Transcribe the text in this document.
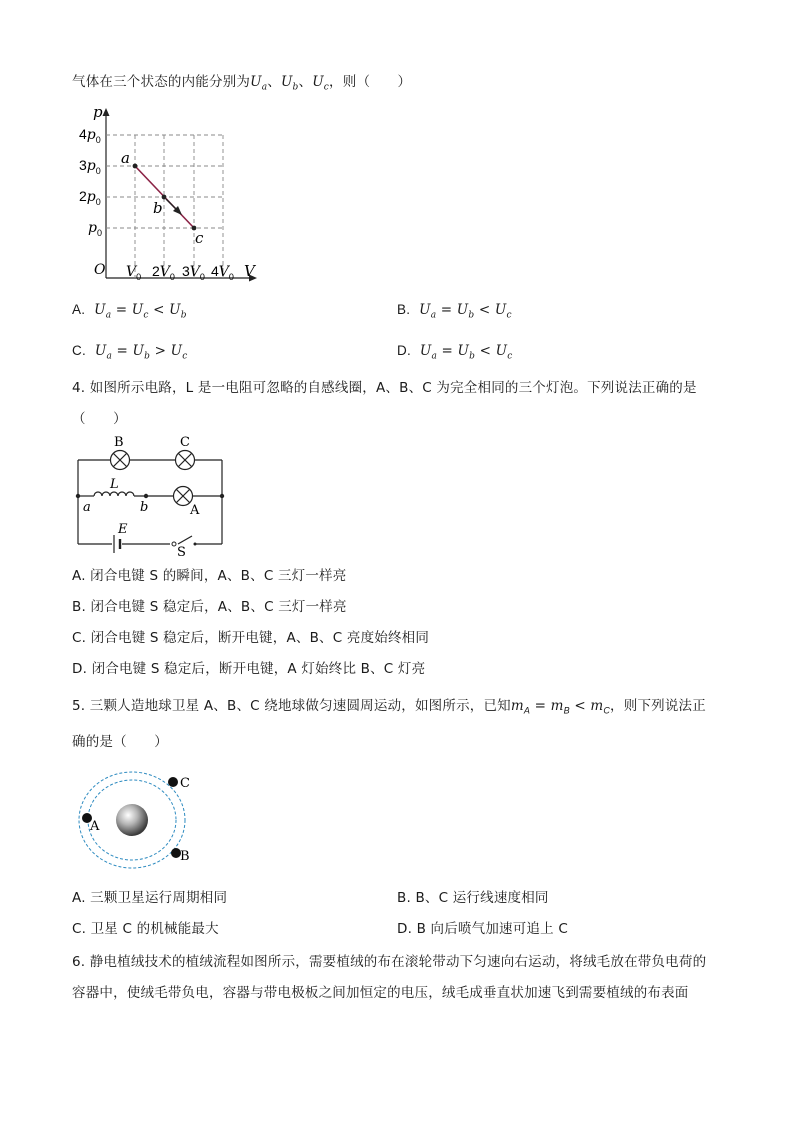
气体在三个状态的内能分别为$U_a$、$U_b$、$U_c$，则（　　）
p
V
O
a
b
c
$4p_0$
$3p_0$
$2p_0$
$p_0$
$V_0$ $2V_0$ $3V_0$ $4V_0$
A. $U_a = U_c < U_b$	B. $U_a = U_b < U_c$
C. $U_a = U_b > U_c$	D. $U_a = U_b < U_c$
4. 如图所示电路，L 是一电阻可忽略的自感线圈，A、B、C 为完全相同的三个灯泡。下列说法正确的是
（　　）
B	C
L
A
a	b
E
S
A. 闭合电键 S 的瞬间，A、B、C 三灯一样亮
B. 闭合电键 S 稳定后，A、B、C 三灯一样亮
C. 闭合电键 S 稳定后，断开电键，A、B、C 亮度始终相同
D. 闭合电键 S 稳定后，断开电键，A 灯始终比 B、C 灯亮
5. 三颗人造地球卫星 A、B、C 绕地球做匀速圆周运动，如图所示，已知$m_A = m_B < m_C$，则下列说法正
确的是（　　）
A
B
C
A. 三颗卫星运行周期相同	B. B、C 运行线速度相同
C. 卫星 C 的机械能最大	D. B 向后喷气加速可追上 C
6. 静电植绒技术的植绒流程如图所示，需要植绒的布在滚轮带动下匀速向右运动，将绒毛放在带负电荷的
容器中，使绒毛带负电，容器与带电极板之间加恒定的电压，绒毛成垂直状加速飞到需要植绒的布表面
